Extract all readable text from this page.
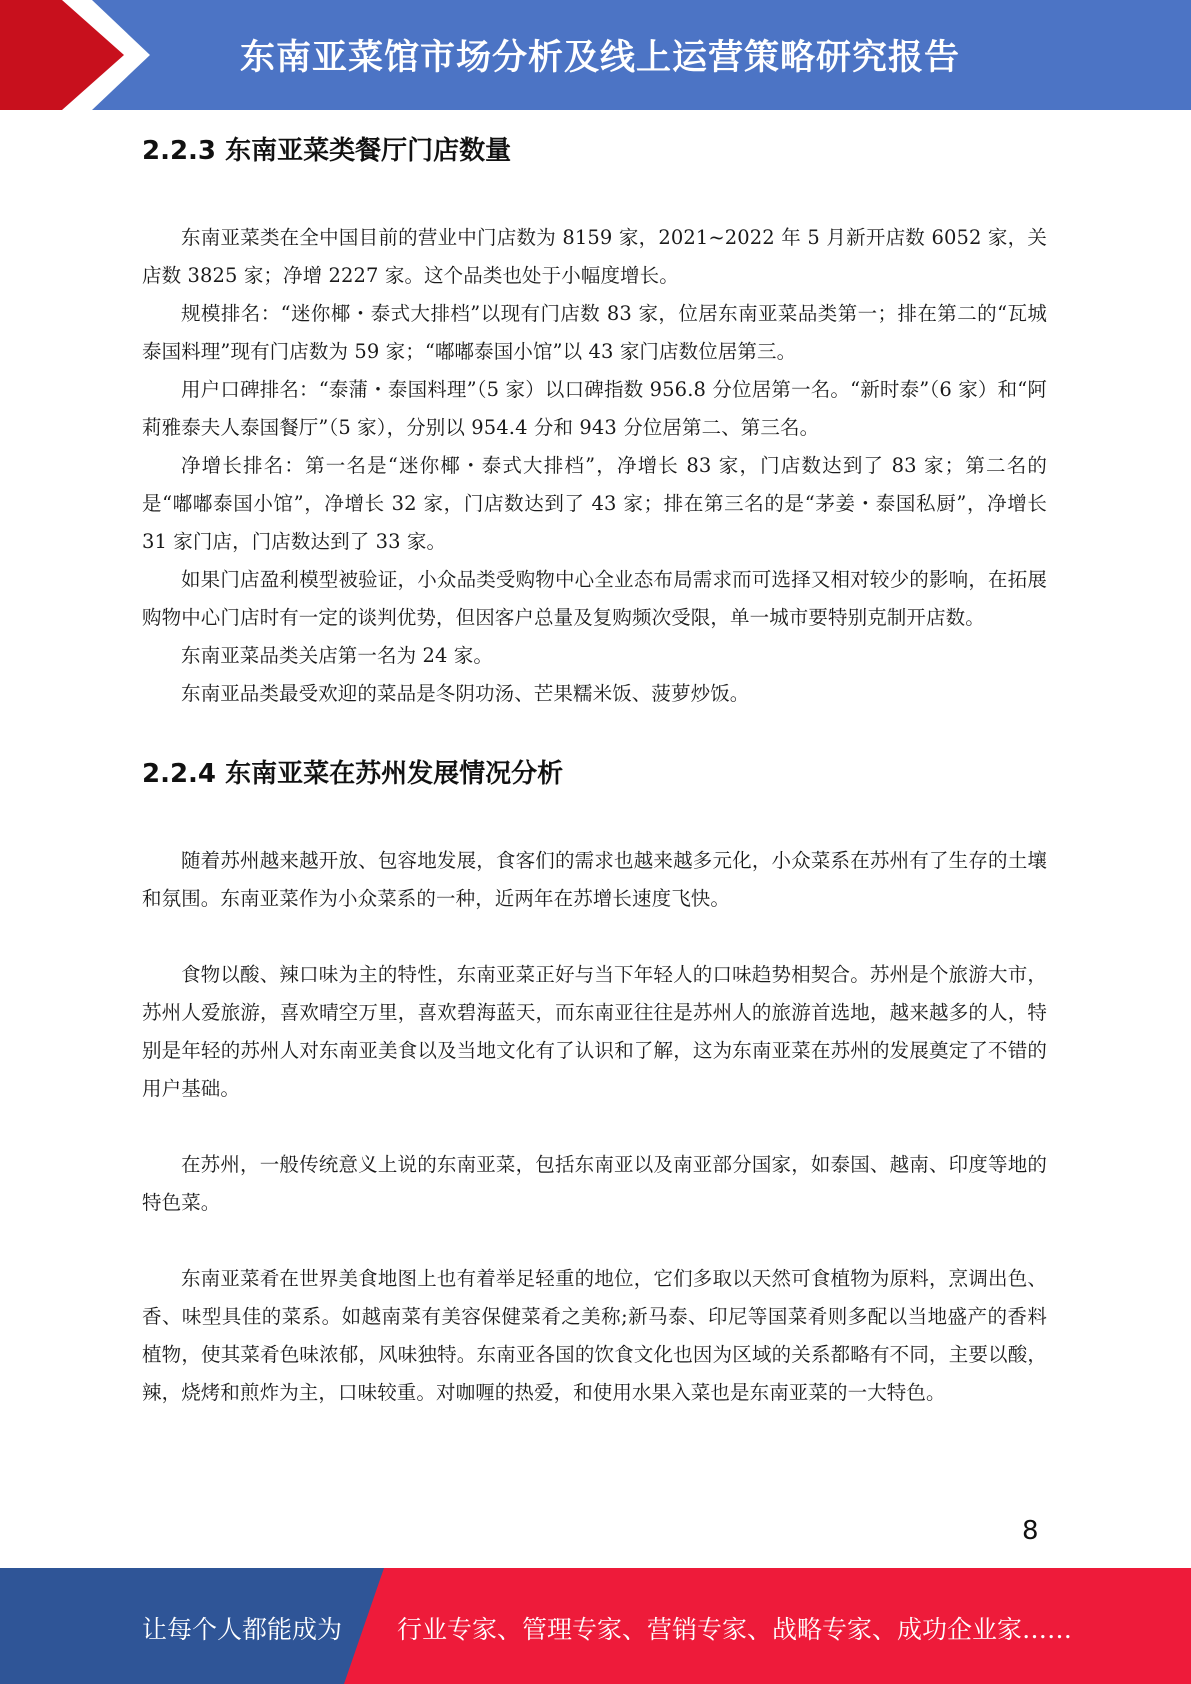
东南亚菜馆市场分析及线上运营策略研究报告
2.2.3 东南亚菜类餐厅门店数量

东南亚菜类在全中国目前的营业中门店数为 8159 家，2021~2022 年 5 月新开店数 6052 家，关店数 3825 家；净增 2227 家。这个品类也处于小幅度增长。

规模排名：“迷你椰・泰式大排档”以现有门店数 83 家，位居东南亚菜品类第一；排在第二的“瓦城泰国料理”现有门店数为 59 家；“嘟嘟泰国小馆”以 43 家门店数位居第三。

用户口碑排名：“泰蒲・泰国料理”（5 家）以口碑指数 956.8 分位居第一名。“新时泰”（6 家）和“阿莉雅泰夫人泰国餐厅”（5 家），分别以 954.4 分和 943 分位居第二、第三名。

净增长排名：第一名是“迷你椰・泰式大排档”，净增长 83 家，门店数达到了 83 家；第二名的是“嘟嘟泰国小馆”，净增长 32 家，门店数达到了 43 家；排在第三名的是“茅姜・泰国私厨”，净增长 31 家门店，门店数达到了 33 家。

如果门店盈利模型被验证，小众品类受购物中心全业态布局需求而可选择又相对较少的影响，在拓展购物中心门店时有一定的谈判优势，但因客户总量及复购频次受限，单一城市要特别克制开店数。

东南亚菜品类关店第一名为 24 家。

东南亚品类最受欢迎的菜品是冬阴功汤、芒果糯米饭、菠萝炒饭。

2.2.4 东南亚菜在苏州发展情况分析

随着苏州越来越开放、包容地发展，食客们的需求也越来越多元化，小众菜系在苏州有了生存的土壤和氛围。东南亚菜作为小众菜系的一种，近两年在苏增长速度飞快。

食物以酸、辣口味为主的特性，东南亚菜正好与当下年轻人的口味趋势相契合。苏州是个旅游大市，苏州人爱旅游，喜欢晴空万里，喜欢碧海蓝天，而东南亚往往是苏州人的旅游首选地，越来越多的人，特别是年轻的苏州人对东南亚美食以及当地文化有了认识和了解，这为东南亚菜在苏州的发展奠定了不错的用户基础。

在苏州，一般传统意义上说的东南亚菜，包括东南亚以及南亚部分国家，如泰国、越南、印度等地的特色菜。

东南亚菜肴在世界美食地图上也有着举足轻重的地位，它们多取以天然可食植物为原料，烹调出色、香、味型具佳的菜系。如越南菜有美容保健菜肴之美称;新马泰、印尼等国菜肴则多配以当地盛产的香料植物，使其菜肴色味浓郁，风味独特。东南亚各国的饮食文化也因为区域的关系都略有不同，主要以酸，辣，烧烤和煎炸为主，口味较重。对咖喱的热爱，和使用水果入菜也是东南亚菜的一大特色。

8
让每个人都能成为 行业专家、管理专家、营销专家、战略专家、成功企业家……
